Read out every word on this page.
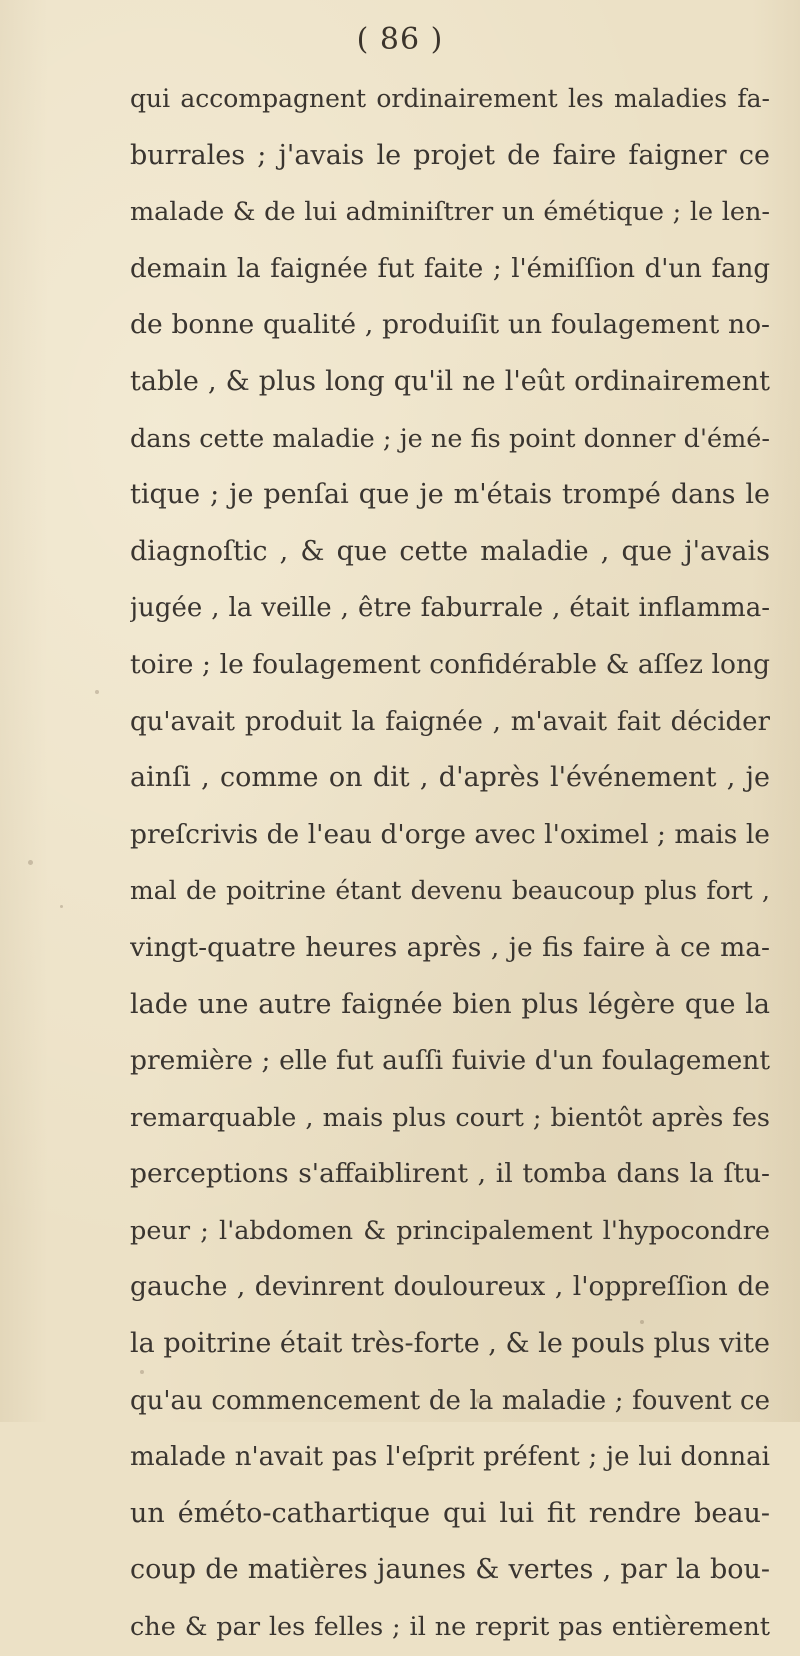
( 86 )
qui accompagnent ordinairement les maladies fa-
burrales ; j'avais le projet de faire faigner ce
malade & de lui adminiſtrer un émétique ; le len-
demain la faignée fut faite ; l'émiſſion d'un fang
de bonne qualité , produiſit un foulagement no-
table , & plus long qu'il ne l'eût ordinairement
dans cette maladie ; je ne fis point donner d'émé-
tique ; je penſai que je m'étais trompé dans le
diagnoſtic , & que cette maladie , que j'avais
jugée , la veille , être faburrale , était inflamma-
toire ; le foulagement confidérable & aſſez long
qu'avait produit la faignée , m'avait fait décider
ainſi , comme on dit , d'après l'événement , je
preſcrivis de l'eau d'orge avec l'oximel ; mais le
mal de poitrine étant devenu beaucoup plus fort ,
vingt-quatre heures après , je fis faire à ce ma-
lade une autre faignée bien plus légère que la
première ; elle fut auſſi fuivie d'un foulagement
remarquable , mais plus court ; bientôt après fes
perceptions s'affaiblirent , il tomba dans la ſtu-
peur ; l'abdomen & principalement l'hypocondre
gauche , devinrent douloureux , l'oppreſſion de
la poitrine était très-forte , & le pouls plus vite
qu'au commencement de la maladie ; fouvent ce
malade n'avait pas l'eſprit préfent ; je lui donnai
un éméto-cathartique qui lui fit rendre beau-
coup de matières jaunes & vertes , par la bou-
che & par les felles ; il ne reprit pas entièrement
